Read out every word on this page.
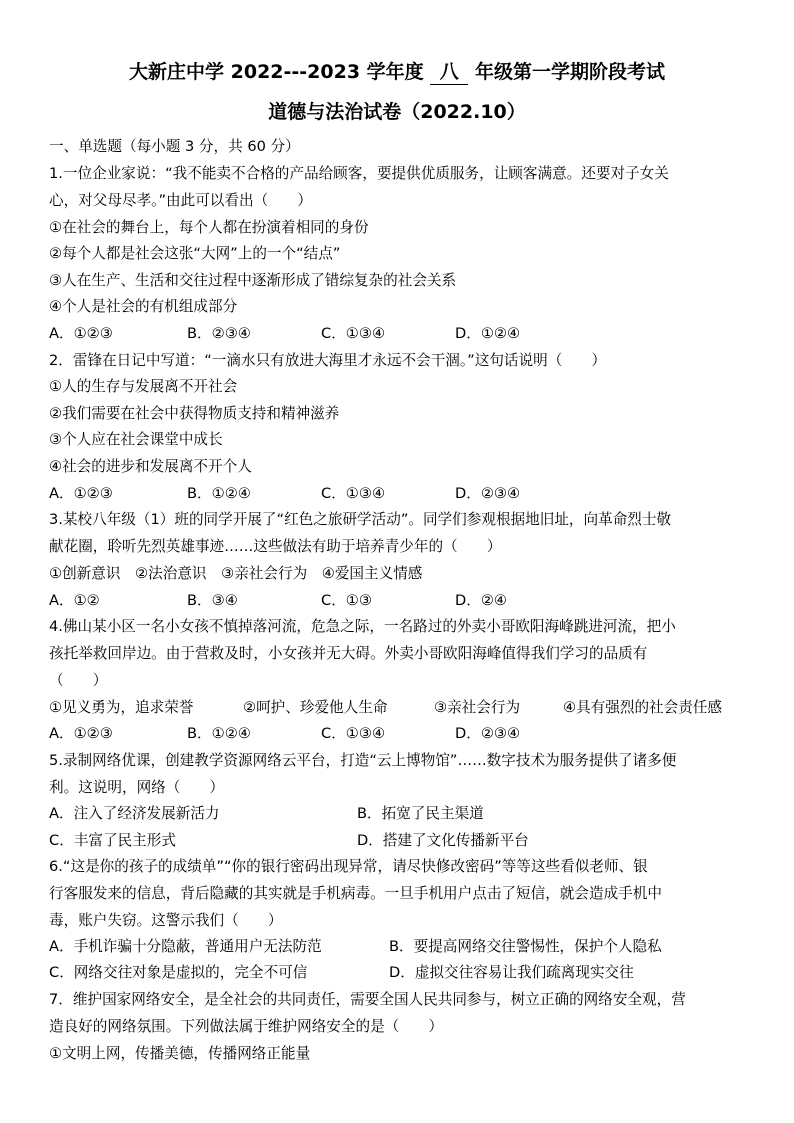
大新庄中学 2022---2023 学年度 八 年级第一学期阶段考试
道德与法治试卷（2022.10）
一、单选题（每小题 3 分，共 60 分）
1.一位企业家说：“我不能卖不合格的产品给顾客，要提供优质服务，让顾客满意。还要对子女关
心，对父母尽孝。”由此可以看出（　　）
①在社会的舞台上，每个人都在扮演着相同的身份
②每个人都是社会这张“大网”上的一个“结点”
③人在生产、生活和交往过程中逐渐形成了错综复杂的社会关系
④个人是社会的有机组成部分
A．①②③	B．②③④	C．①③④	D．①②④
2．雷锋在日记中写道：“一滴水只有放进大海里才永远不会干涸。”这句话说明（　　）
①人的生存与发展离不开社会
②我们需要在社会中获得物质支持和精神滋养
③个人应在社会课堂中成长
④社会的进步和发展离不开个人
A．①②③	B．①②④	C．①③④	D．②③④
3.某校八年级（1）班的同学开展了“红色之旅研学活动”。同学们参观根据地旧址，向革命烈士敬
献花圈，聆听先烈英雄事迹……这些做法有助于培养青少年的（　　）
①创新意识　②法治意识　③亲社会行为　④爱国主义情感
A．①②	B．③④	C．①③	D．②④
4.佛山某小区一名小女孩不慎掉落河流，危急之际，一名路过的外卖小哥欧阳海峰跳进河流，把小
孩托举救回岸边。由于营救及时，小女孩并无大碍。外卖小哥欧阳海峰值得我们学习的品质有
（　　）
①见义勇为，追求荣誉	②呵护、珍爱他人生命	③亲社会行为	④具有强烈的社会责任感
A．①②③	B．①②④	C．①③④	D．②③④
5.录制网络优课，创建教学资源网络云平台，打造“云上博物馆”……数字技术为服务提供了诸多便
利。这说明，网络（　　）
A．注入了经济发展新活力	B．拓宽了民主渠道
C．丰富了民主形式	D．搭建了文化传播新平台
6.“这是你的孩子的成绩单”“你的银行密码出现异常，请尽快修改密码”等等这些看似老师、银
行客服发来的信息，背后隐藏的其实就是手机病毒。一旦手机用户点击了短信，就会造成手机中
毒，账户失窃。这警示我们（　　）
A．手机诈骗十分隐蔽，普通用户无法防范	B．要提高网络交往警惕性，保护个人隐私
C．网络交往对象是虚拟的，完全不可信	D．虚拟交往容易让我们疏离现实交往
7．维护国家网络安全，是全社会的共同责任，需要全国人民共同参与，树立正确的网络安全观，营
造良好的网络氛围。下列做法属于维护网络安全的是（　　）
①文明上网，传播美德，传播网络正能量
